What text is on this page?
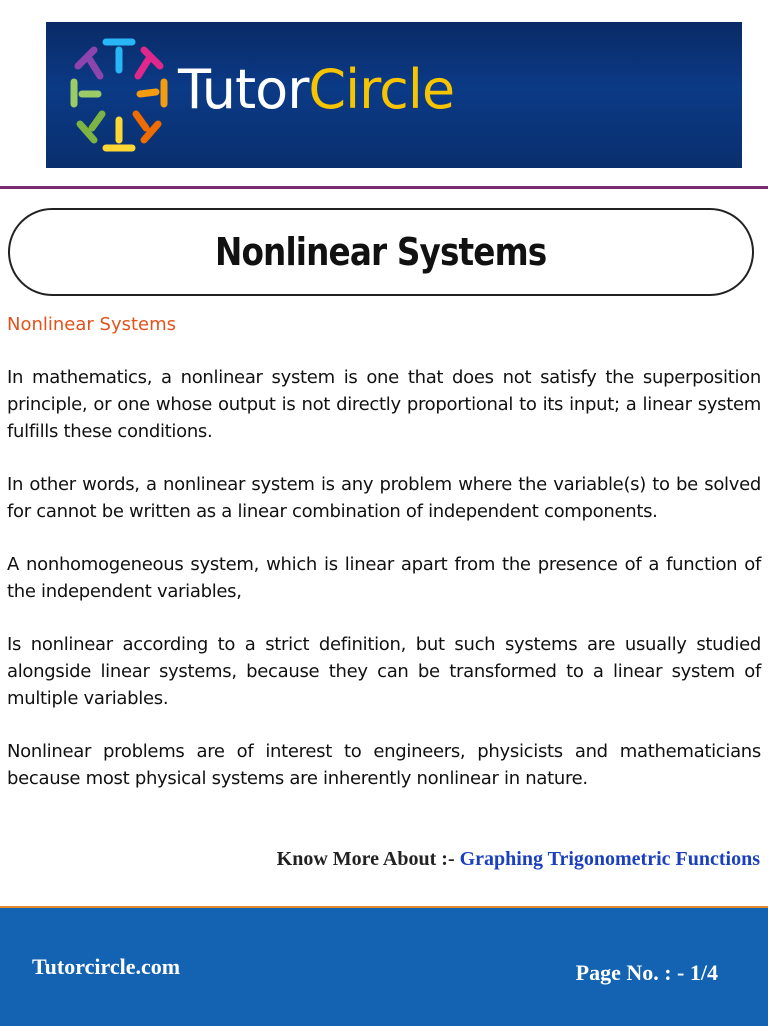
TutorCircle
Nonlinear Systems

Nonlinear Systems

In mathematics, a nonlinear system is one that does not satisfy the superposition principle, or one whose output is not directly proportional to its input; a linear system fulfills these conditions.

In other words, a nonlinear system is any problem where the variable(s) to be solved for cannot be written as a linear combination of independent components.

A nonhomogeneous system, which is linear apart from the presence of a function of the independent variables,

Is nonlinear according to a strict definition, but such systems are usually studied alongside linear systems, because they can be transformed to a linear system of multiple variables.

Nonlinear problems are of interest to engineers, physicists and mathematicians because most physical systems are inherently nonlinear in nature.

Know More About :- Graphing Trigonometric Functions
Tutorcircle.com	Page No. : - 1/4
